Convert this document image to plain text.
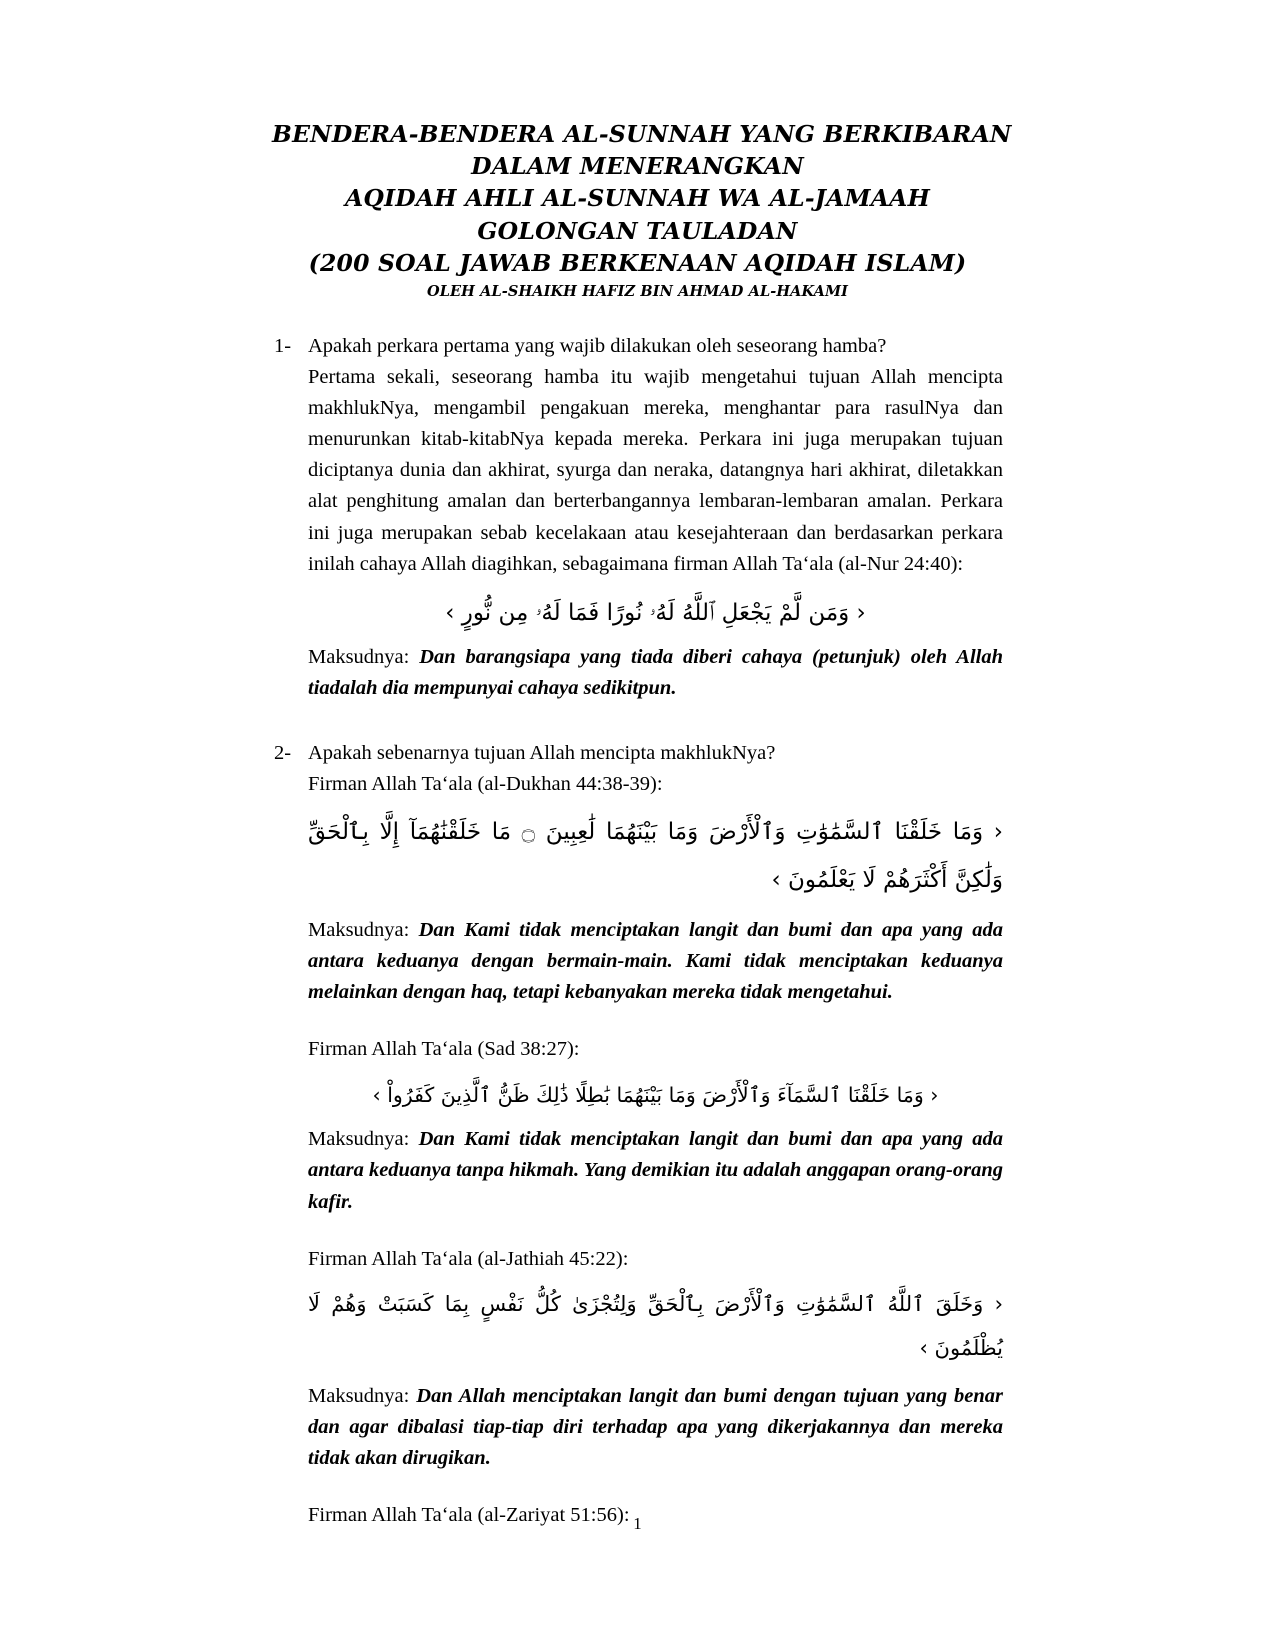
BENDERA-BENDERA AL-SUNNAH YANG BERKIBARAN
DALAM MENERANGKAN
AQIDAH AHLI AL-SUNNAH WA AL-JAMAAH
GOLONGAN TAULADAN
(200 SOAL JAWAB BERKENAAN AQIDAH ISLAM)
OLEH AL-SHAIKH HAFIZ BIN AHMAD AL-HAKAMI
1- Apakah perkara pertama yang wajib dilakukan oleh seseorang hamba?

Pertama sekali, seseorang hamba itu wajib mengetahui tujuan Allah mencipta makhlukNya, mengambil pengakuan mereka, menghantar para rasulNya dan menurunkan kitab-kitabNya kepada mereka. Perkara ini juga merupakan tujuan diciptanya dunia dan akhirat, syurga dan neraka, datangnya hari akhirat, diletakkan alat penghitung amalan dan berterbangannya lembaran-lembaran amalan. Perkara ini juga merupakan sebab kecelakaan atau kesejahteraan dan berdasarkan perkara inilah cahaya Allah diagihkan, sebagaimana firman Allah Taʻala (al-Nur 24:40):

‹ وَمَن لَّمْ يَجْعَلِ ٱللَّهُ لَهُۥ نُورًا فَمَا لَهُۥ مِن نُّورٍ ›

Maksudnya: Dan barangsiapa yang tiada diberi cahaya (petunjuk) oleh Allah tiadalah dia mempunyai cahaya sedikitpun.

2- Apakah sebenarnya tujuan Allah mencipta makhlukNya?
Firman Allah Taʻala (al-Dukhan 44:38-39):
‹ وَمَا خَلَقْنَا ٱلسَّمَٰوَٰتِ وَٱلْأَرْضَ وَمَا بَيْنَهُمَا لَٰعِبِينَ ۝ مَا خَلَقْنَٰهُمَآ إِلَّا بِٱلْحَقِّ
وَلَٰكِنَّ أَكْثَرَهُمْ لَا يَعْلَمُونَ ›

Maksudnya: Dan Kami tidak menciptakan langit dan bumi dan apa yang ada antara keduanya dengan bermain-main. Kami tidak menciptakan keduanya melainkan dengan haq, tetapi kebanyakan mereka tidak mengetahui.

Firman Allah Taʻala (Sad 38:27):
‹ وَمَا خَلَقْنَا ٱلسَّمَآءَ وَٱلْأَرْضَ وَمَا بَيْنَهُمَا بَٰطِلًا ذَٰلِكَ ظَنُّ ٱلَّذِينَ كَفَرُواْ ›

Maksudnya: Dan Kami tidak menciptakan langit dan bumi dan apa yang ada antara keduanya tanpa hikmah. Yang demikian itu adalah anggapan orang-orang kafir.

Firman Allah Taʻala (al-Jathiah 45:22):
‹ وَخَلَقَ ٱللَّهُ ٱلسَّمَٰوَٰتِ وَٱلْأَرْضَ بِٱلْحَقِّ وَلِتُجْزَىٰ كُلُّ نَفْسٍ بِمَا كَسَبَتْ وَهُمْ لَا
يُظْلَمُونَ ›

Maksudnya: Dan Allah menciptakan langit dan bumi dengan tujuan yang benar dan agar dibalasi tiap-tiap diri terhadap apa yang dikerjakannya dan mereka tidak akan dirugikan.

Firman Allah Taʻala (al-Zariyat 51:56): 1
